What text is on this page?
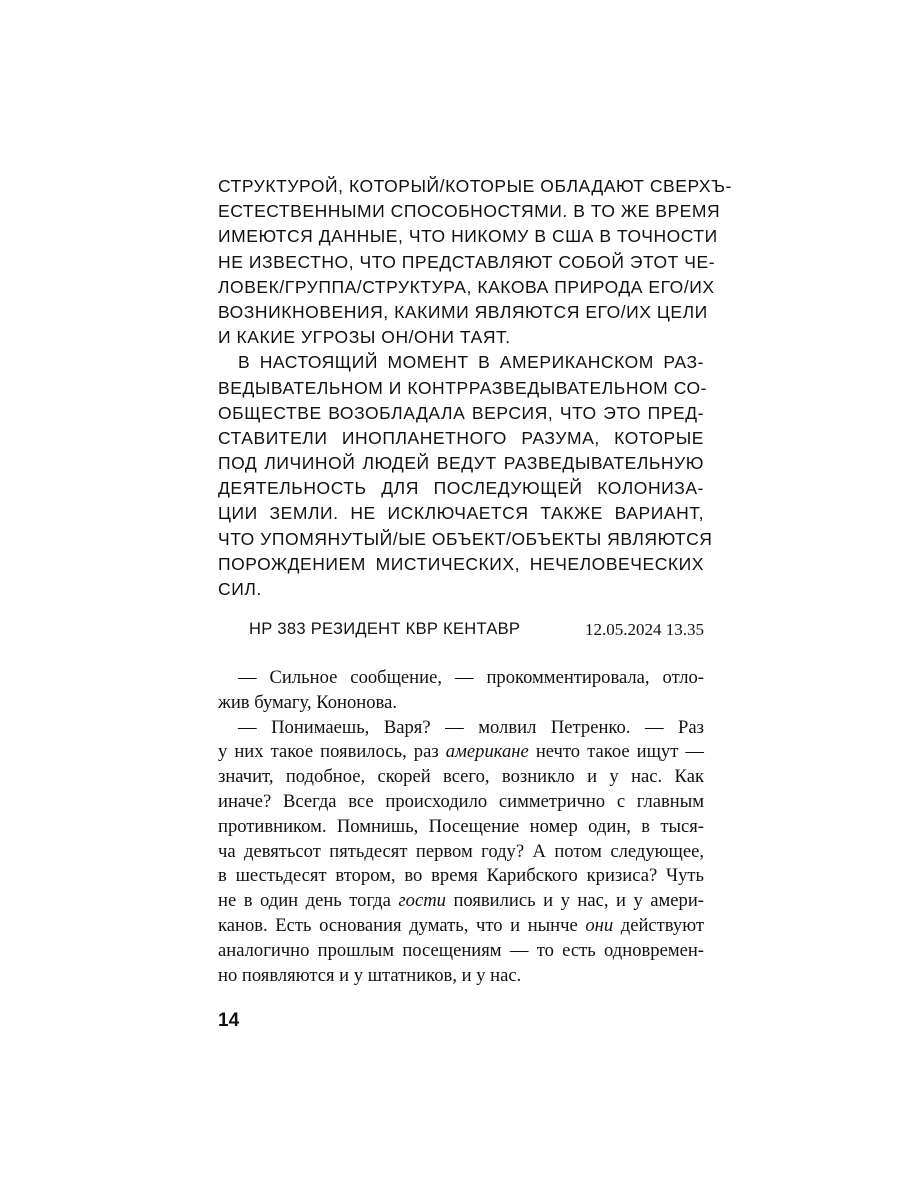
СТРУКТУРОЙ, КОТОРЫЙ/КОТОРЫЕ ОБЛАДАЮТ СВЕРХЪ-
ЕСТЕСТВЕННЫМИ СПОСОБНОСТЯМИ. В ТО ЖЕ ВРЕМЯ
ИМЕЮТСЯ ДАННЫЕ, ЧТО НИКОМУ В США В ТОЧНОСТИ
НЕ ИЗВЕСТНО, ЧТО ПРЕДСТАВЛЯЮТ СОБОЙ ЭТОТ ЧЕ-
ЛОВЕК/ГРУППА/СТРУКТУРА, КАКОВА ПРИРОДА ЕГО/ИХ
ВОЗНИКНОВЕНИЯ, КАКИМИ ЯВЛЯЮТСЯ ЕГО/ИХ ЦЕЛИ
И КАКИЕ УГРОЗЫ ОН/ОНИ ТАЯТ.
В НАСТОЯЩИЙ МОМЕНТ В АМЕРИКАНСКОМ РАЗ-
ВЕДЫВАТЕЛЬНОМ И КОНТРРАЗВЕДЫВАТЕЛЬНОМ СО-
ОБЩЕСТВЕ ВОЗОБЛАДАЛА ВЕРСИЯ, ЧТО ЭТО ПРЕД-
СТАВИТЕЛИ ИНОПЛАНЕТНОГО РАЗУМА, КОТОРЫЕ
ПОД ЛИЧИНОЙ ЛЮДЕЙ ВЕДУТ РАЗВЕДЫВАТЕЛЬНУЮ
ДЕЯТЕЛЬНОСТЬ ДЛЯ ПОСЛЕДУЮЩЕЙ КОЛОНИЗА-
ЦИИ ЗЕМЛИ. НЕ ИСКЛЮЧАЕТСЯ ТАКЖЕ ВАРИАНТ,
ЧТО УПОМЯНУТЫЙ/ЫЕ ОБЪЕКТ/ОБЪЕКТЫ ЯВЛЯЮТСЯ
ПОРОЖДЕНИЕМ МИСТИЧЕСКИХ, НЕЧЕЛОВЕЧЕСКИХ
СИЛ.
НР 383 РЕЗИДЕНТ КВР КЕНТАВР	12.05.2024 13.35
— Сильное сообщение, — прокомментировала, отло-
жив бумагу, Кононова.
— Понимаешь, Варя? — молвил Петренко. — Раз
у них такое появилось, раз американе нечто такое ищут —
значит, подобное, скорей всего, возникло и у нас. Как
иначе? Всегда все происходило симметрично с главным
противником. Помнишь, Посещение номер один, в тыся-
ча девятьсот пятьдесят первом году? А потом следующее,
в шестьдесят втором, во время Карибского кризиса? Чуть
не в один день тогда гости появились и у нас, и у амери-
канов. Есть основания думать, что и нынче они действуют
аналогично прошлым посещениям — то есть одновремен-
но появляются и у штатников, и у нас.
14
